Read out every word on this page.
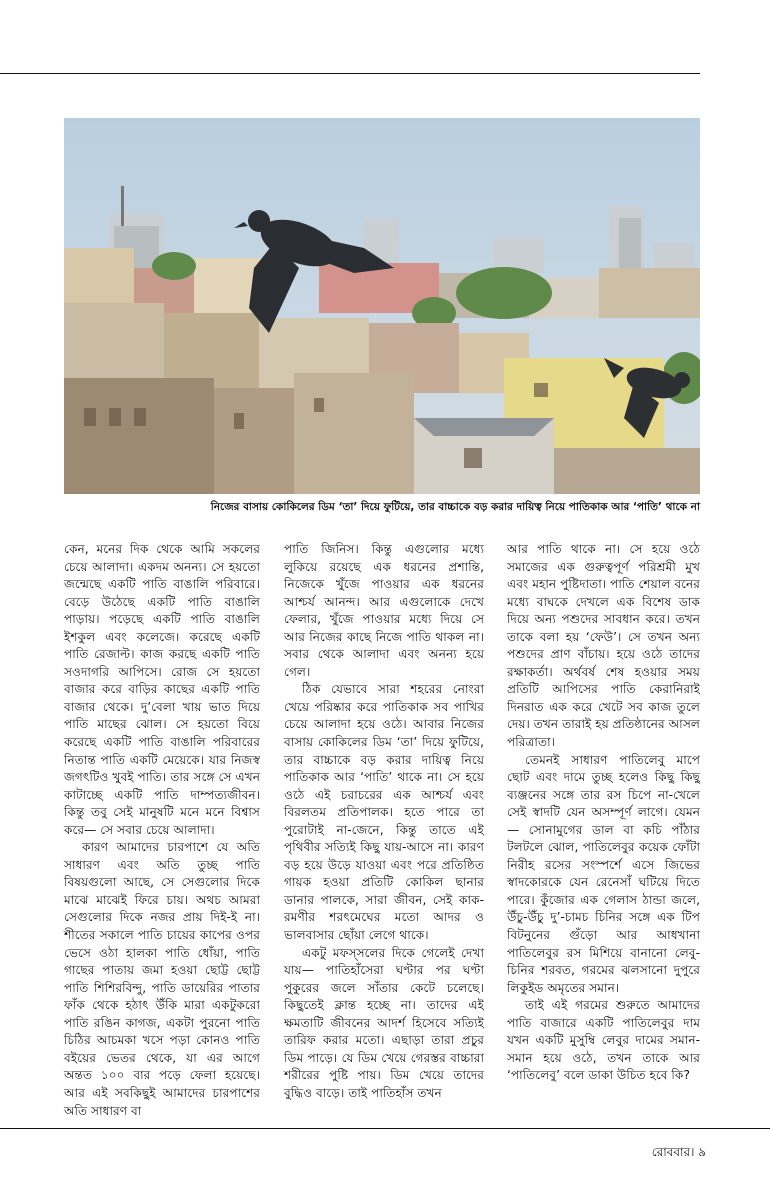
নিজের বাসায় কোকিলের ডিম ‘তা’ দিয়ে ফুটিয়ে, তার বাচ্চাকে বড় করার দায়িত্ব নিয়ে পাতিকাক আর ‘পাতি’ থাকে না

কেন, মনের দিক থেকে আমি সকলের চেয়ে আলাদা। একদম অনন্য। সে হয়তো জন্মেছে একটি পাতি বাঙালি পরিবারে। বেড়ে উঠেছে একটি পাতি বাঙালি পাড়ায়। পড়েছে একটি পাতি বাঙালি ইশকুল এবং কলেজে। করেছে একটি পাতি রেজাল্ট। কাজ করছে একটি পাতি সওদাগরি আপিসে। রোজ সে হয়তো বাজার করে বাড়ির কাছের একটি পাতি বাজার থেকে। দু’বেলা খায় ভাত দিয়ে পাতি মাছের ঝোল। সে হয়তো বিয়ে করেছে একটি পাতি বাঙালি পরিবারের নিতান্ত পাতি একটি মেয়েকে। যার নিজস্ব জগৎটিও খুবই পাতি। তার সঙ্গে সে এখন কাটাচ্ছে একটি পাতি দাম্পত্যজীবন। কিন্তু তবু সেই মানুষটি মনে মনে বিশ্বাস করে— সে সবার চেয়ে আলাদা।

কারণ আমাদের চারপাশে যে অতি সাধারণ এবং অতি তুচ্ছ পাতি বিষয়গুলো আছে, সে সেগুলোর দিকে মাঝে মাঝেই ফিরে চায়। অথচ আমরা সেগুলোর দিকে নজর প্রায় দিই-ই না। শীতের সকালে পাতি চায়ের কাপের ওপর ভেসে ওঠা হালকা পাতি ধোঁয়া, পাতি গাছের পাতায় জমা হওয়া ছোট্ট ছোট্ট পাতি শিশিরবিন্দু, পাতি ডায়েরির পাতার ফাঁক থেকে হঠাৎ উঁকি মারা একটুকরো পাতি রঙিন কাগজ, একটা পুরনো পাতি চিঠির আচমকা খসে পড়া কোনও পাতি বইয়ের ভেতর থেকে, যা এর আগে অন্তত ১০০ বার পড়ে ফেলা হয়েছে। আর এই সবকিছুই আমাদের চারপাশের অতি সাধারণ বা

পাতি জিনিস। কিন্তু এগুলোর মধ্যে লুকিয়ে রয়েছে এক ধরনের প্রশান্তি, নিজেকে খুঁজে পাওয়ার এক ধরনের আশ্চর্য আনন্দ। আর এগুলোকে দেখে ফেলার, খুঁজে পাওয়ার মধ্যে দিয়ে সে আর নিজের কাছে নিজে পাতি থাকল না। সবার থেকে আলাদা এবং অনন্য হয়ে গেল।

ঠিক যেভাবে সারা শহরের নোংরা খেয়ে পরিষ্কার করে পাতিকাক সব পাখির চেয়ে আলাদা হয়ে ওঠে। আবার নিজের বাসায় কোকিলের ডিম ‘তা’ দিয়ে ফুটিয়ে, তার বাচ্চাকে বড় করার দায়িত্ব নিয়ে পাতিকাক আর ‘পাতি’ থাকে না। সে হয়ে ওঠে এই চরাচরের এক আশ্চর্য এবং বিরলতম প্রতিপালক। হতে পারে তা পুরোটাই না-জেনে, কিন্তু তাতে এই পৃথিবীর সত্যিই কিছু যায়-আসে না। কারণ বড় হয়ে উড়ে যাওয়া এবং পরে প্রতিষ্ঠিত গায়ক হওয়া প্রতিটি কোকিল ছানার ডানার পালকে, সারা জীবন, সেই কাক-রমণীর শরৎমেঘের মতো আদর ও ভালবাসার ছোঁয়া লেগে থাকে।

একটু মফস্‌সলের দিকে গেলেই দেখা যায়— পাতিহাঁসেরা ঘণ্টার পর ঘণ্টা পুকুরের জলে সাঁতার কেটে চলেছে। কিছুতেই ক্লান্ত হচ্ছে না। তাদের এই ক্ষমতাটি জীবনের আদর্শ হিসেবে সত্যিই তারিফ করার মতো। এছাড়া তারা প্রচুর ডিম পাড়ে। যে ডিম খেয়ে গেরস্তর বাচ্চারা শরীরের পুষ্টি পায়। ডিম খেয়ে তাদের বুদ্ধিও বাড়ে। তাই পাতিহাঁস তখন

আর পাতি থাকে না। সে হয়ে ওঠে সমাজের এক গুরুত্বপূর্ণ পরিশ্রমী মুখ এবং মহান পুষ্টিদাতা। পাতি শেয়াল বনের মধ্যে বাঘকে দেখলে এক বিশেষ ডাক দিয়ে অন্য পশুদের সাবধান করে। তখন তাকে বলা হয় ‘ফেউ’। সে তখন অন্য পশুদের প্রাণ বাঁচায়। হয়ে ওঠে তাদের রক্ষাকর্তা। অর্থবর্ষ শেষ হওয়ার সময় প্রতিটি আপিসের পাতি কেরানিরাই দিনরাত এক করে খেটে সব কাজ তুলে দেয়। তখন তারাই হয় প্রতিষ্ঠানের আসল পরিত্রাতা।

তেমনই সাধারণ পাতিলেবু মাপে ছোট এবং দামে তুচ্ছ হলেও কিছু কিছু ব্যঞ্জনের সঙ্গে তার রস চিপে না-খেলে সেই স্বাদটি যেন অসম্পূর্ণ লাগে। যেমন— সোনামুগের ডাল বা কচি পাঁঠার টলটলে ঝোল, পাতিলেবুর কয়েক ফোঁটা নিরীহ রসের সংস্পর্শে এসে জিভের স্বাদকোরকে যেন রেনেসাঁ ঘটিয়ে দিতে পারে। কুঁজোর এক গেলাস ঠান্ডা জলে, উঁচু-উঁচু দু’-চামচ চিনির সঙ্গে এক টিপ বিটনুনের গুঁড়ো আর আধখানা পাতিলেবুর রস মিশিয়ে বানানো লেবু-চিনির শরবত, গরমের ঝলসানো দুপুরে লিকুইড অমৃতের সমান।

তাই এই গরমের শুরুতে আমাদের পাতি বাজারে একটি পাতিলেবুর দাম যখন একটি মুসুম্বি লেবুর দামের সমান-সমান হয়ে ওঠে, তখন তাকে আর ‘পাতিলেবু’ বলে ডাকা উচিত হবে কি?

রোববার। ৯
